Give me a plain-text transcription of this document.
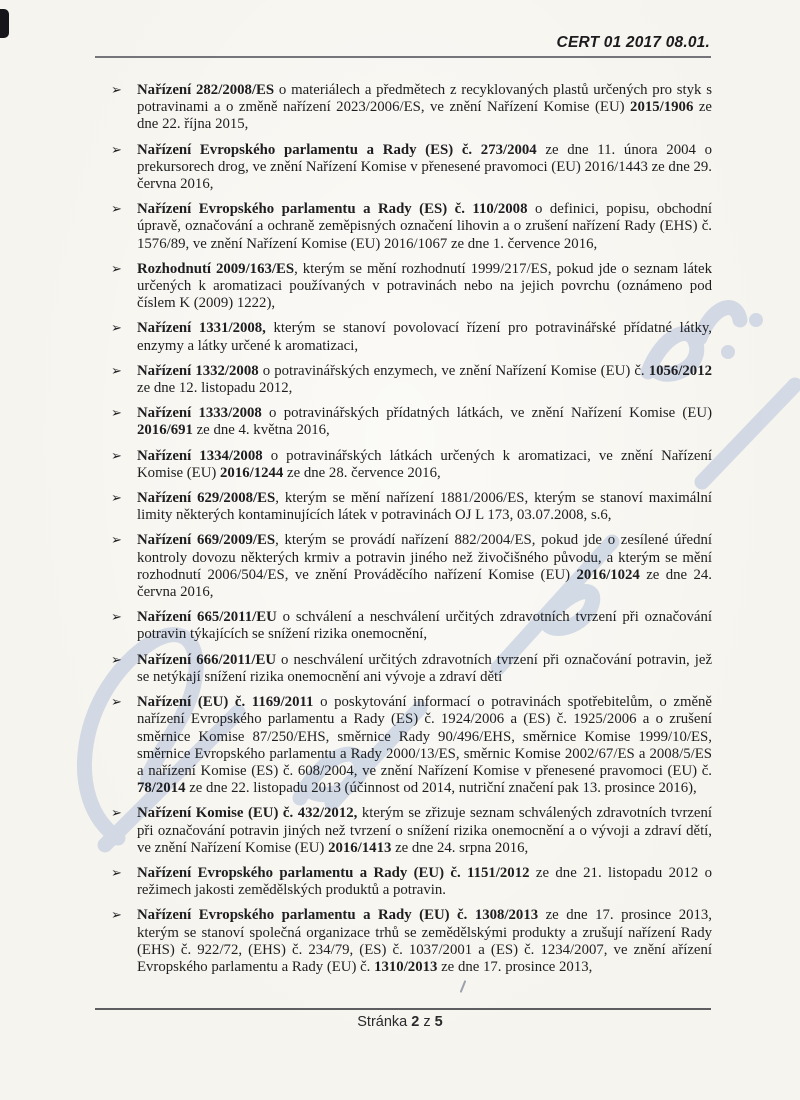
CERT 01 2017 08.01.
➢ Nařízení 282/2008/ES o materiálech a předmětech z recyklovaných plastů určených pro styk s potravinami a o změně nařízení 2023/2006/ES, ve znění Nařízení Komise (EU) 2015/1906 ze dne 22. října 2015,
➢ Nařízení Evropského parlamentu a Rady (ES) č. 273/2004 ze dne 11. února 2004 o prekursorech drog, ve znění Nařízení Komise v přenesené pravomoci (EU) 2016/1443 ze dne 29. června 2016,
➢ Nařízení Evropského parlamentu a Rady (ES) č. 110/2008 o definici, popisu, obchodní úpravě, označování a ochraně zeměpisných označení lihovin a o zrušení nařízení Rady (EHS) č. 1576/89, ve znění Nařízení Komise (EU) 2016/1067 ze dne 1. července 2016,
➢ Rozhodnutí 2009/163/ES, kterým se mění rozhodnutí 1999/217/ES, pokud jde o seznam látek určených k aromatizaci používaných v potravinách nebo na jejich povrchu (oznámeno pod číslem K (2009) 1222),
➢ Nařízení 1331/2008, kterým se stanoví povolovací řízení pro potravinářské přídatné látky, enzymy a látky určené k aromatizaci,
➢ Nařízení 1332/2008 o potravinářských enzymech, ve znění Nařízení Komise (EU) č. 1056/2012 ze dne 12. listopadu 2012,
➢ Nařízení 1333/2008 o potravinářských přídatných látkách, ve znění Nařízení Komise (EU) 2016/691 ze dne 4. května 2016,
➢ Nařízení 1334/2008 o potravinářských látkách určených k aromatizaci, ve znění Nařízení Komise (EU) 2016/1244 ze dne 28. července 2016,
➢ Nařízení 629/2008/ES, kterým se mění nařízení 1881/2006/ES, kterým se stanoví maximální limity některých kontaminujících látek v potravinách OJ L 173, 03.07.2008, s.6,
➢ Nařízení 669/2009/ES, kterým se provádí nařízení 882/2004/ES, pokud jde o zesílené úřední kontroly dovozu některých krmiv a potravin jiného než živočišného původu, a kterým se mění rozhodnutí 2006/504/ES, ve znění Prováděcího nařízení Komise (EU) 2016/1024 ze dne 24. června 2016,
➢ Nařízení 665/2011/EU o schválení a neschválení určitých zdravotních tvrzení při označování potravin týkajících se snížení rizika onemocnění,
➢ Nařízení 666/2011/EU o neschválení určitých zdravotních tvrzení při označování potravin, jež se netýkají snížení rizika onemocnění ani vývoje a zdraví dětí
➢ Nařízení (EU) č. 1169/2011 o poskytování informací o potravinách spotřebitelům, o změně nařízení Evropského parlamentu a Rady (ES) č. 1924/2006 a (ES) č. 1925/2006 a o zrušení směrnice Komise 87/250/EHS, směrnice Rady 90/496/EHS, směrnice Komise 1999/10/ES, směrnice Evropského parlamentu a Rady 2000/13/ES, směrnic Komise 2002/67/ES a 2008/5/ES a nařízení Komise (ES) č. 608/2004, ve znění Nařízení Komise v přenesené pravomoci (EU) č. 78/2014 ze dne 22. listopadu 2013 (účinnost od 2014, nutriční značení pak 13. prosince 2016),
➢ Nařízení Komise (EU) č. 432/2012, kterým se zřizuje seznam schválených zdravotních tvrzení při označování potravin jiných než tvrzení o snížení rizika onemocnění a o vývoji a zdraví dětí, ve znění Nařízení Komise (EU) 2016/1413 ze dne 24. srpna 2016,
➢ Nařízení Evropského parlamentu a Rady (EU) č. 1151/2012 ze dne 21. listopadu 2012 o režimech jakosti zemědělských produktů a potravin.
➢ Nařízení Evropského parlamentu a Rady (EU) č. 1308/2013 ze dne 17. prosince 2013, kterým se stanoví společná organizace trhů se zemědělskými produkty a zrušují nařízení Rady (EHS) č. 922/72, (EHS) č. 234/79, (ES) č. 1037/2001 a (ES) č. 1234/2007, ve znění ařízení Evropského parlamentu a Rady (EU) č. 1310/2013 ze dne 17. prosince 2013,
Stránka 2 z 5
